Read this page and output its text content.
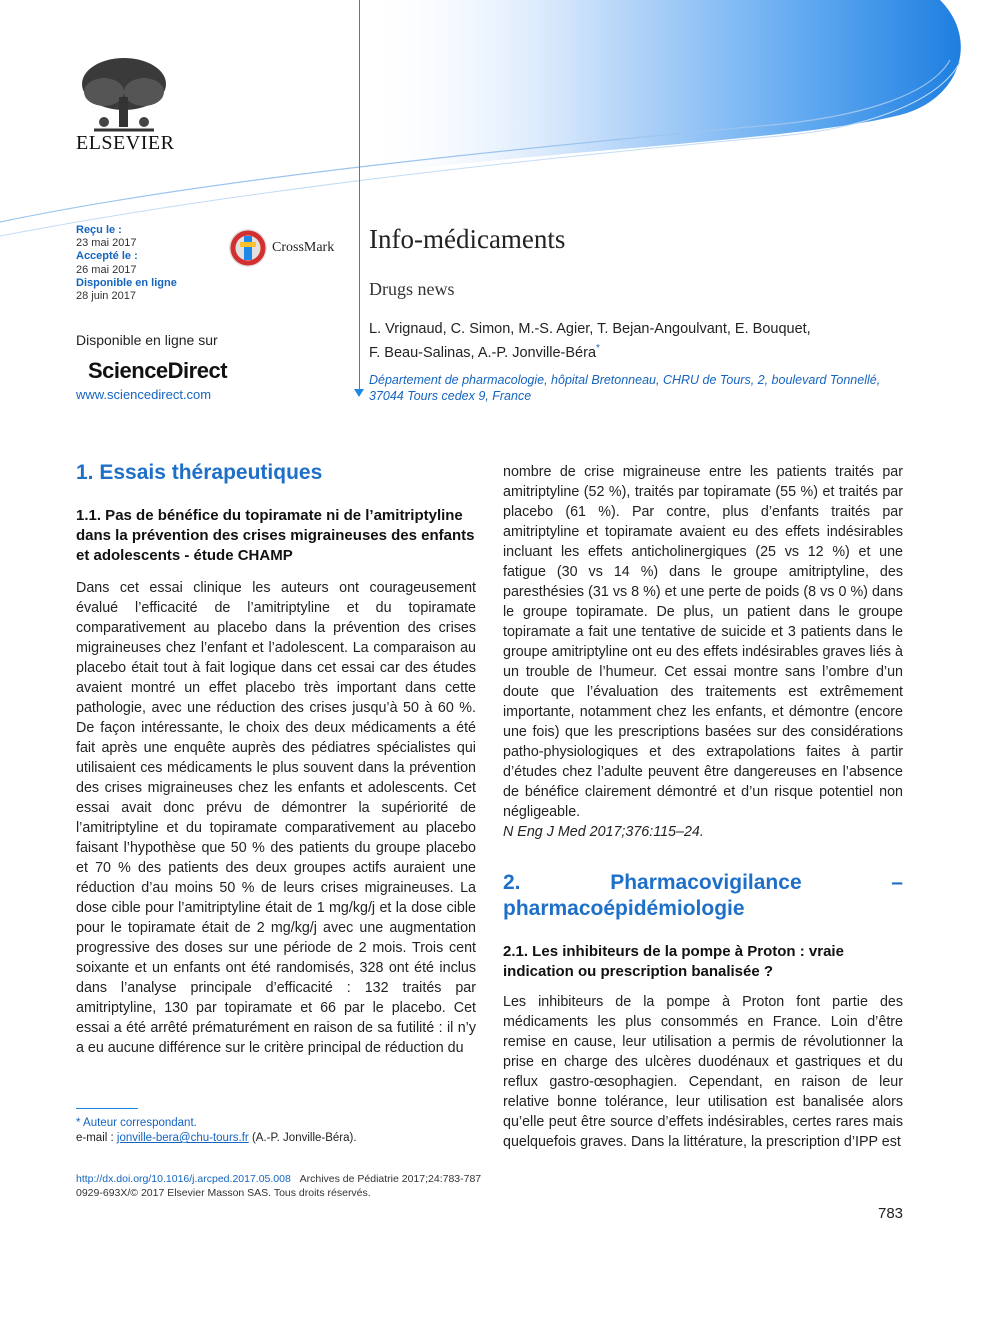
ELSEVIER
Reçu le :
23 mai 2017
Accepté le :
26 mai 2017
Disponible en ligne
28 juin 2017
CrossMark
Disponible en ligne sur
ScienceDirect
www.sciencedirect.com
Info-médicaments
Drugs news
L. Vrignaud, C. Simon, M.-S. Agier, T. Bejan-Angoulvant, E. Bouquet,
F. Beau-Salinas, A.-P. Jonville-Béra*
Département de pharmacologie, hôpital Bretonneau, CHRU de Tours, 2, boulevard Tonnellé,
37044 Tours cedex 9, France
1. Essais thérapeutiques
1.1. Pas de bénéfice du topiramate ni de l’amitriptyline dans la prévention des crises migraineuses des enfants et adolescents - étude CHAMP

Dans cet essai clinique les auteurs ont courageusement évalué l’efficacité de l’amitriptyline et du topiramate comparativement au placebo dans la prévention des crises migraineuses chez l’enfant et l’adolescent. La comparaison au placebo était tout à fait logique dans cet essai car des études avaient montré un effet placebo très important dans cette pathologie, avec une réduction des crises jusqu’à 50 à 60 %. De façon intéressante, le choix des deux médicaments a été fait après une enquête auprès des pédiatres spécialistes qui utilisaient ces médicaments le plus souvent dans la prévention des crises migraineuses chez les enfants et adolescents. Cet essai avait donc prévu de démontrer la supériorité de l’amitriptyline et du topiramate comparativement au placebo faisant l’hypothèse que 50 % des patients du groupe placebo et 70 % des patients des deux groupes actifs auraient une réduction d’au moins 50 % de leurs crises migraineuses. La dose cible pour l’amitriptyline était de 1 mg/kg/j et la dose cible pour le topiramate était de 2 mg/kg/j avec une augmentation progressive des doses sur une période de 2 mois. Trois cent soixante et un enfants ont été randomisés, 328 ont été inclus dans l’analyse principale d’efficacité : 132 traités par amitriptyline, 130 par topiramate et 66 par le placebo. Cet essai a été arrêté prématurément en raison de sa futilité : il n’y a eu aucune différence sur le critère principal de réduction du

nombre de crise migraineuse entre les patients traités par amitriptyline (52 %), traités par topiramate (55 %) et traités par placebo (61 %). Par contre, plus d’enfants traités par amitriptyline et topiramate avaient eu des effets indésirables incluant les effets anticholinergiques (25 vs 12 %) et une fatigue (30 vs 14 %) dans le groupe amitriptyline, des paresthésies (31 vs 8 %) et une perte de poids (8 vs 0 %) dans le groupe topiramate. De plus, un patient dans le groupe topiramate a fait une tentative de suicide et 3 patients dans le groupe amitriptyline ont eu des effets indésirables graves liés à un trouble de l’humeur. Cet essai montre sans l’ombre d’un doute que l’évaluation des traitements est extrêmement importante, notamment chez les enfants, et démontre (encore une fois) que les prescriptions basées sur des considérations patho-physiologiques et des extrapolations faites à partir d’études chez l’adulte peuvent être dangereuses en l’absence de bénéfice clairement démontré et d’un risque potentiel non négligeable.

N Eng J Med 2017;376:115–24.

2. Pharmacovigilance – pharmacoépidémiologie
2.1. Les inhibiteurs de la pompe à Proton : vraie indication ou prescription banalisée ?

Les inhibiteurs de la pompe à Proton font partie des médicaments les plus consommés en France. Loin d’être remise en cause, leur utilisation a permis de révolutionner la prise en charge des ulcères duodénaux et gastriques et du reflux gastro-œsophagien. Cependant, en raison de leur relative bonne tolérance, leur utilisation est banalisée alors qu’elle peut être source d’effets indésirables, certes rares mais quelquefois graves. Dans la littérature, la prescription d’IPP est

* Auteur correspondant.
e-mail : jonville-bera@chu-tours.fr (A.-P. Jonville-Béra).
http://dx.doi.org/10.1016/j.arcped.2017.05.008 Archives de Pédiatrie 2017;24:783-787
0929-693X/© 2017 Elsevier Masson SAS. Tous droits réservés.
783
